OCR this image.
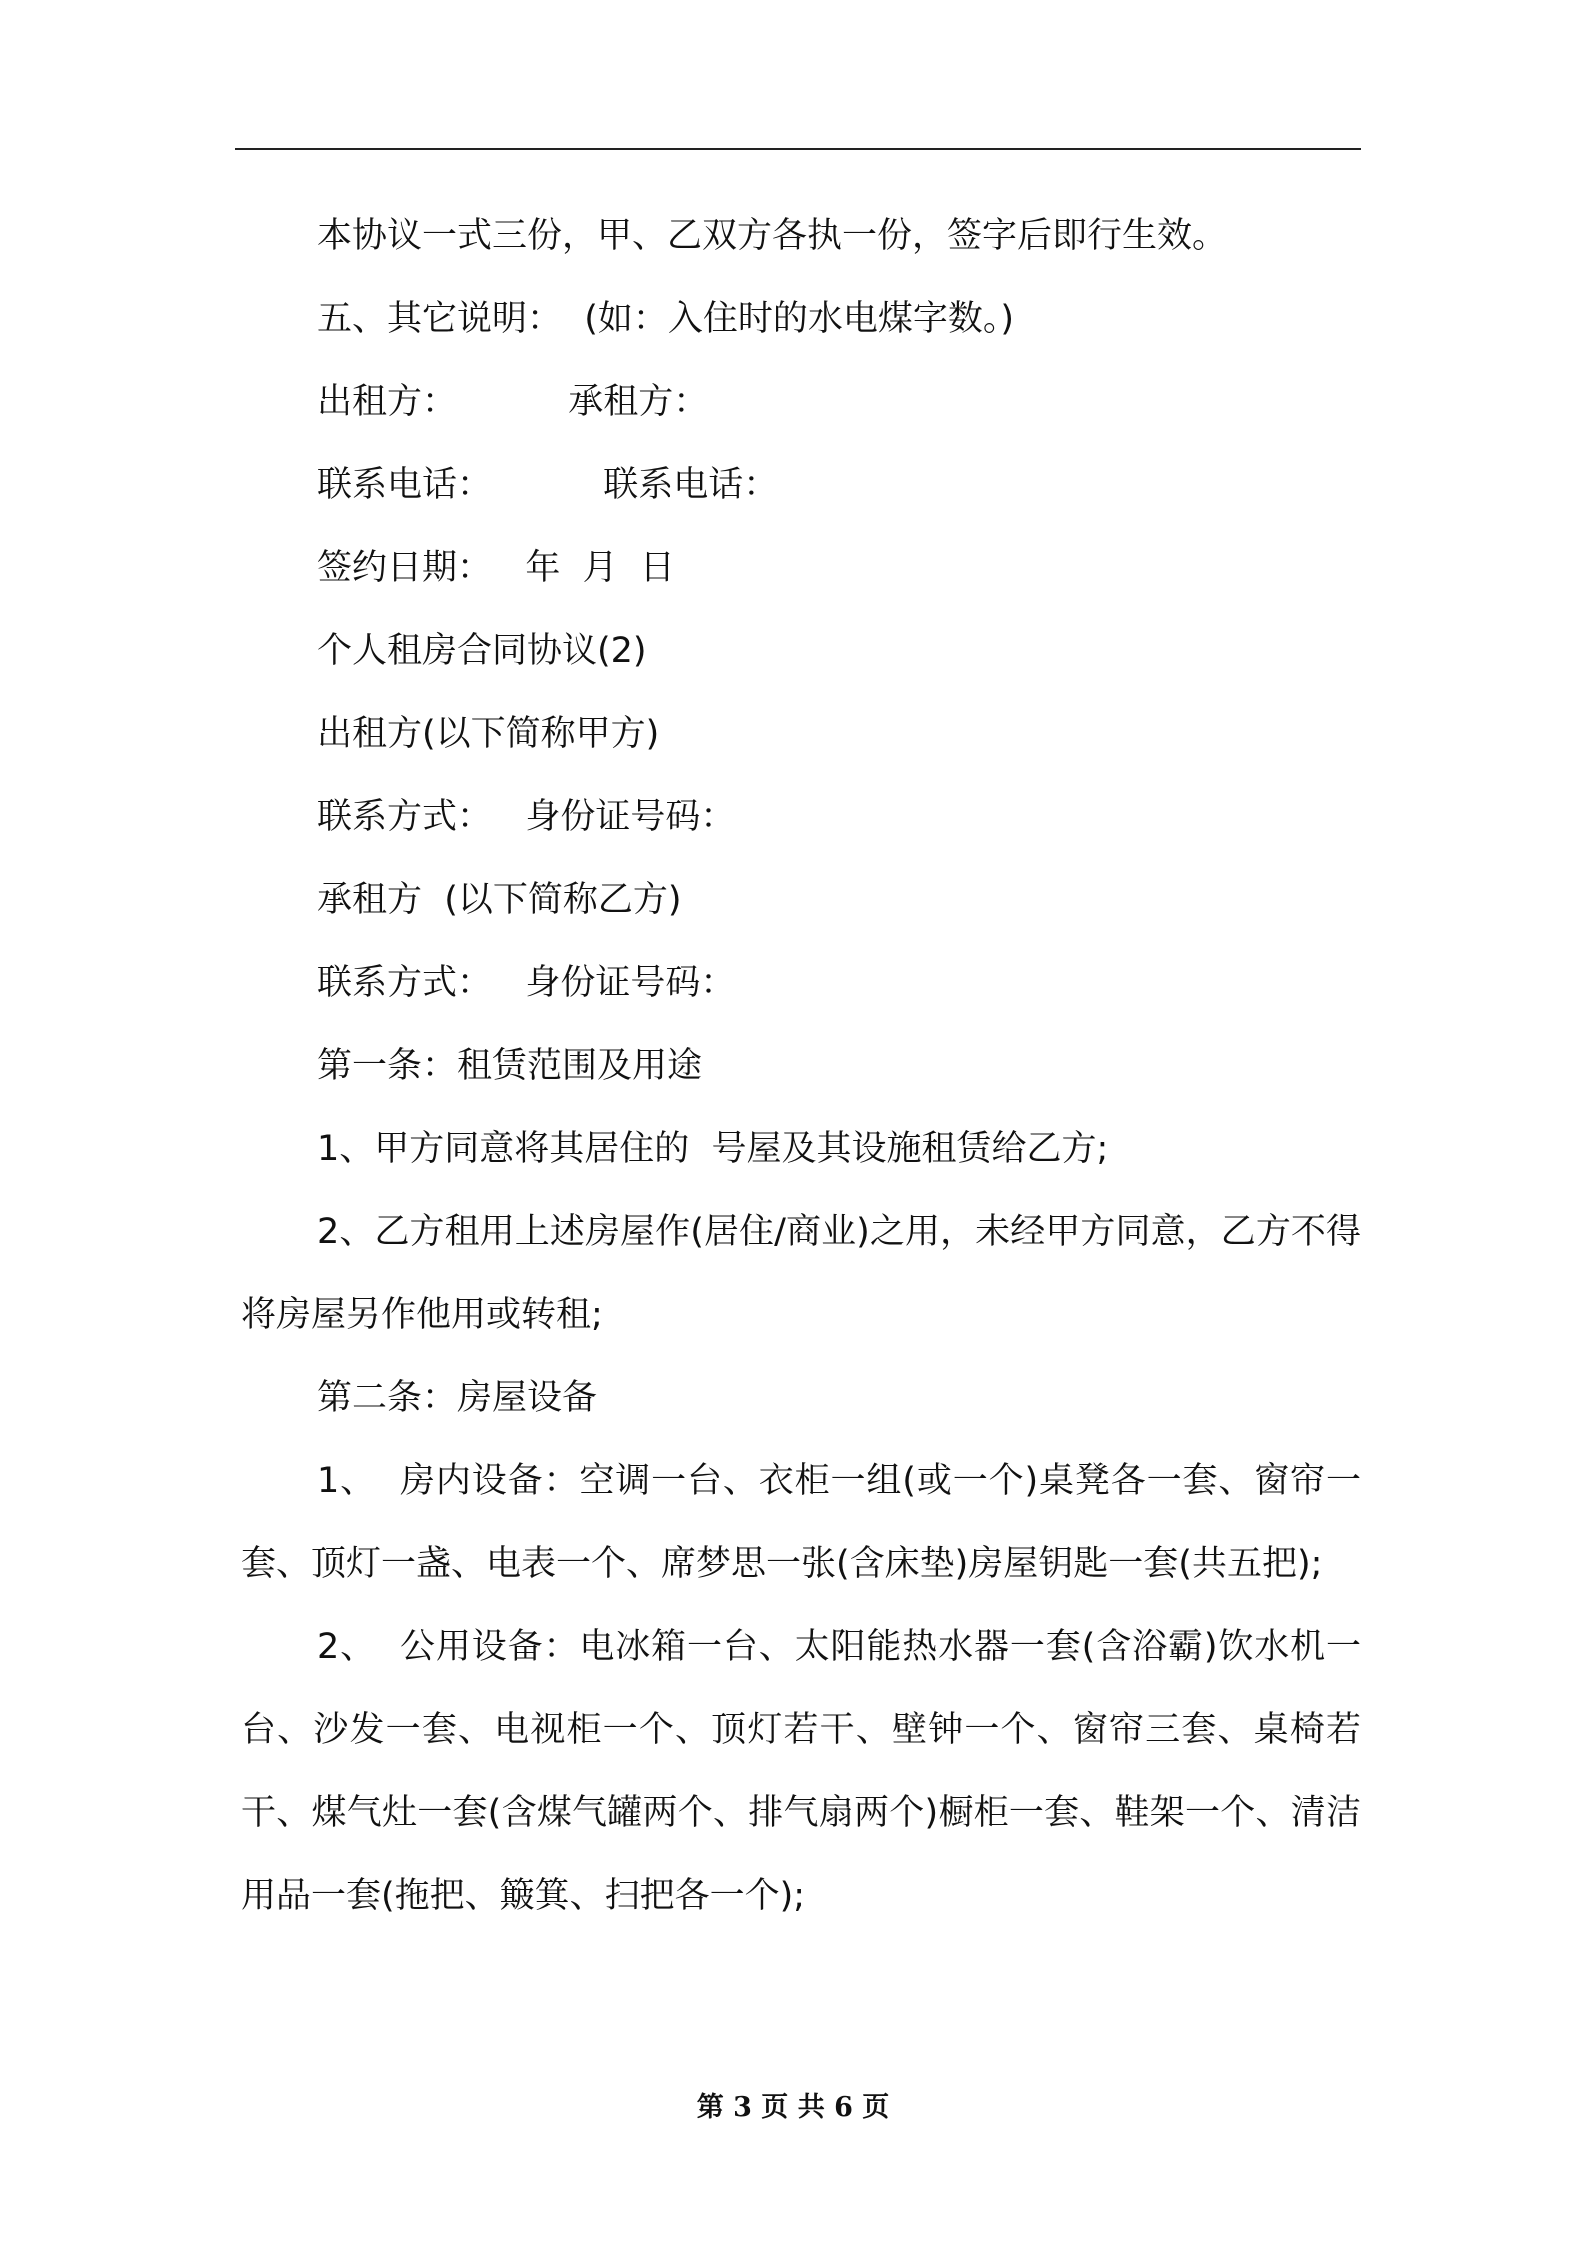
本协议一式三份，甲、乙双方各执一份，签字后即行生效。

五、其它说明：  (如：入住时的水电煤字数。)

出租方：          承租方：

联系电话：          联系电话：

签约日期：   年  月  日

个人租房合同协议(2)

出租方(以下简称甲方)

联系方式：   身份证号码：

承租方  (以下简称乙方)

联系方式：   身份证号码：

第一条：租赁范围及用途

1、甲方同意将其居住的  号屋及其设施租赁给乙方;

2、乙方租用上述房屋作(居住/商业)之用，未经甲方同意，乙方不得将房屋另作他用或转租;

第二条：房屋设备

1、  房内设备：空调一台、衣柜一组(或一个)桌凳各一套、窗帘一套、顶灯一盏、电表一个、席梦思一张(含床垫)房屋钥匙一套(共五把);

2、  公用设备：电冰箱一台、太阳能热水器一套(含浴霸)饮水机一台、沙发一套、电视柜一个、顶灯若干、壁钟一个、窗帘三套、桌椅若干、煤气灶一套(含煤气罐两个、排气扇两个)橱柜一套、鞋架一个、清洁用品一套(拖把、簸箕、扫把各一个);

第 3 页 共 6 页
